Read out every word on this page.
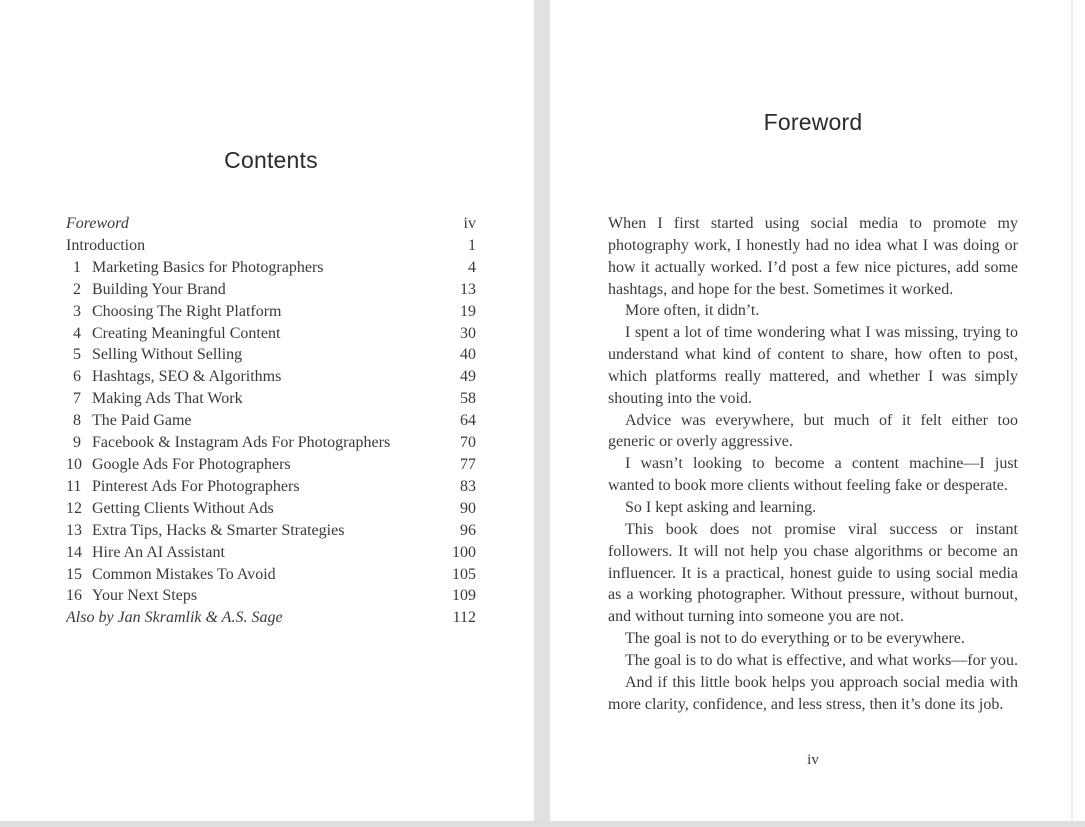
Contents
Foreword	iv
Introduction	1
1 Marketing Basics for Photographers	4
2 Building Your Brand	13
3 Choosing The Right Platform	19
4 Creating Meaningful Content	30
5 Selling Without Selling	40
6 Hashtags, SEO & Algorithms	49
7 Making Ads That Work	58
8 The Paid Game	64
9 Facebook & Instagram Ads For Photographers	70
10 Google Ads For Photographers	77
11 Pinterest Ads For Photographers	83
12 Getting Clients Without Ads	90
13 Extra Tips, Hacks & Smarter Strategies	96
14 Hire An AI Assistant	100
15 Common Mistakes To Avoid	105
16 Your Next Steps	109
Also by Jan Skramlik & A.S. Sage	112
Foreword

When I first started using social media to promote my photography work, I honestly had no idea what I was doing or how it actually worked. I’d post a few nice pictures, add some hashtags, and hope for the best. Sometimes it worked.

More often, it didn’t.

I spent a lot of time wondering what I was missing, trying to understand what kind of content to share, how often to post, which platforms really mattered, and whether I was simply shouting into the void.

Advice was everywhere, but much of it felt either too generic or overly aggressive.

I wasn’t looking to become a content machine—I just wanted to book more clients without feeling fake or desperate.

So I kept asking and learning.

This book does not promise viral success or instant followers. It will not help you chase algorithms or become an influencer. It is a practical, honest guide to using social media as a working photographer. Without pressure, without burnout, and without turning into someone you are not.

The goal is not to do everything or to be everywhere.

The goal is to do what is effective, and what works—for you.

And if this little book helps you approach social media with more clarity, confidence, and less stress, then it’s done its job.

iv
